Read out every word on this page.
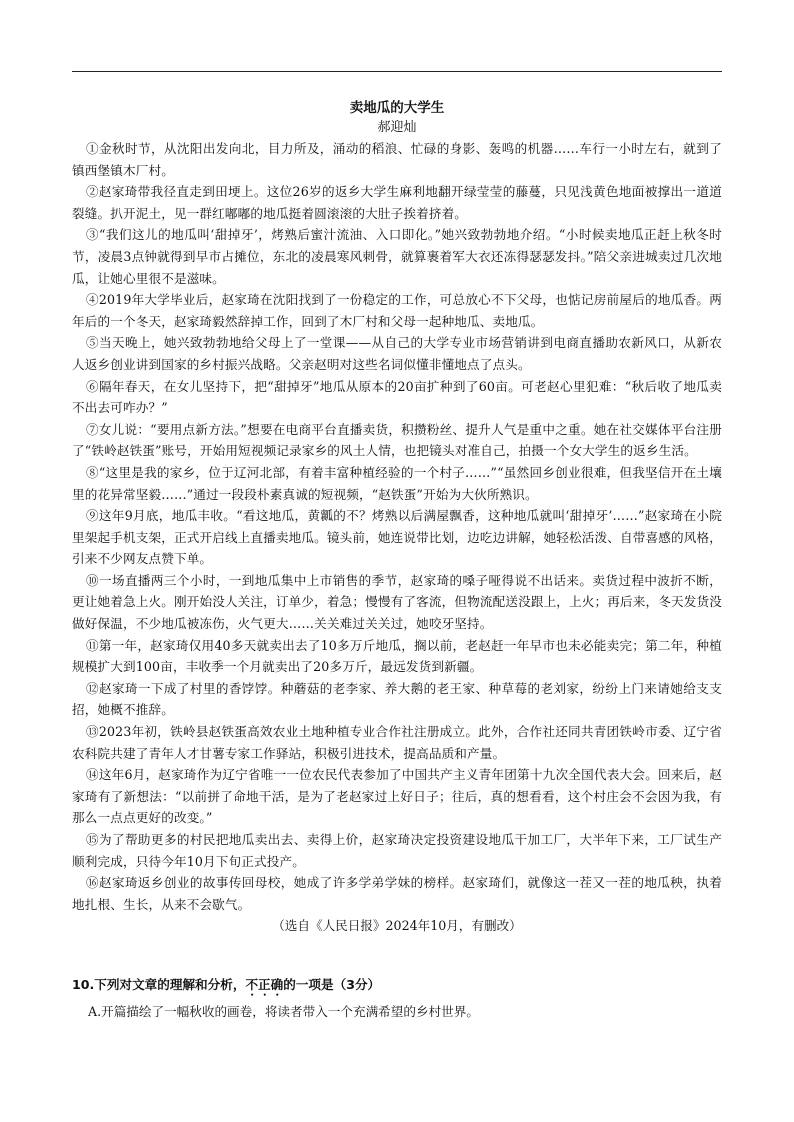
卖地瓜的大学生

郝迎灿

①金秋时节，从沈阳出发向北，目力所及，涌动的稻浪、忙碌的身影、轰鸣的机器……车行一小时左右，就到了镇西堡镇木厂村。

②赵家琦带我径直走到田埂上。这位26岁的返乡大学生麻利地翻开绿莹莹的藤蔓，只见浅黄色地面被撑出一道道裂缝。扒开泥土，见一群红嘟嘟的地瓜挺着圆滚滚的大肚子挨着挤着。

③“我们这儿的地瓜叫‘甜掉牙’，烤熟后蜜汁流油、入口即化。”她兴致勃勃地介绍。“小时候卖地瓜正赶上秋冬时节，凌晨3点钟就得到早市占摊位，东北的凌晨寒风刺骨，就算裹着军大衣还冻得瑟瑟发抖。”陪父亲进城卖过几次地瓜，让她心里很不是滋味。

④2019年大学毕业后，赵家琦在沈阳找到了一份稳定的工作，可总放心不下父母，也惦记房前屋后的地瓜香。两年后的一个冬天，赵家琦毅然辞掉工作，回到了木厂村和父母一起种地瓜、卖地瓜。

⑤当天晚上，她兴致勃勃地给父母上了一堂课——从自己的大学专业市场营销讲到电商直播助农新风口，从新农人返乡创业讲到国家的乡村振兴战略。父亲赵明对这些名词似懂非懂地点了点头。

⑥隔年春天，在女儿坚持下，把“甜掉牙”地瓜从原本的20亩扩种到了60亩。可老赵心里犯难：“秋后收了地瓜卖不出去可咋办？”

⑦女儿说：“要用点新方法。”想要在电商平台直播卖货，积攒粉丝、提升人气是重中之重。她在社交媒体平台注册了“铁岭赵铁蛋”账号，开始用短视频记录家乡的风土人情，也把镜头对准自己，拍摄一个女大学生的返乡生活。

⑧“这里是我的家乡，位于辽河北部，有着丰富种植经验的一个村子……”“虽然回乡创业很难，但我坚信开在土壤里的花异常坚毅……”通过一段段朴素真诚的短视频，“赵铁蛋”开始为大伙所熟识。

⑨这年9月底，地瓜丰收。“看这地瓜，黄瓤的不？烤熟以后满屋飘香，这种地瓜就叫‘甜掉牙’……”赵家琦在小院里架起手机支架，正式开启线上直播卖地瓜。镜头前，她连说带比划，边吃边讲解，她轻松活泼、自带喜感的风格，引来不少网友点赞下单。

⑩一场直播两三个小时，一到地瓜集中上市销售的季节，赵家琦的嗓子哑得说不出话来。卖货过程中波折不断，更让她着急上火。刚开始没人关注，订单少，着急；慢慢有了客流，但物流配送没跟上，上火；再后来，冬天发货没做好保温，不少地瓜被冻伤，火气更大……关关难过关关过，她咬牙坚持。

⑪第一年，赵家琦仅用40多天就卖出去了10多万斤地瓜，搁以前，老赵赶一年早市也未必能卖完；第二年，种植规模扩大到100亩，丰收季一个月就卖出了20多万斤，最远发货到新疆。

⑫赵家琦一下成了村里的香饽饽。种蘑菇的老李家、养大鹅的老王家、种草莓的老刘家，纷纷上门来请她给支支招，她概不推辞。

⑬2023年初，铁岭县赵铁蛋高效农业土地种植专业合作社注册成立。此外，合作社还同共青团铁岭市委、辽宁省农科院共建了青年人才甘薯专家工作驿站，积极引进技术，提高品质和产量。

⑭这年6月，赵家琦作为辽宁省唯一一位农民代表参加了中国共产主义青年团第十九次全国代表大会。回来后，赵家琦有了新想法：“以前拼了命地干活，是为了老赵家过上好日子；往后，真的想看看，这个村庄会不会因为我，有那么一点点更好的改变。”

⑮为了帮助更多的村民把地瓜卖出去、卖得上价，赵家琦决定投资建设地瓜干加工厂，大半年下来，工厂试生产顺利完成，只待今年10月下旬正式投产。

⑯赵家琦返乡创业的故事传回母校，她成了许多学弟学妹的榜样。赵家琦们，就像这一茬又一茬的地瓜秧，执着地扎根、生长，从来不会歇气。

（选自《人民日报》2024年10月，有删改）

10.下列对文章的理解和分析，不正确的一项是（3分）

A.开篇描绘了一幅秋收的画卷，将读者带入一个充满希望的乡村世界。
